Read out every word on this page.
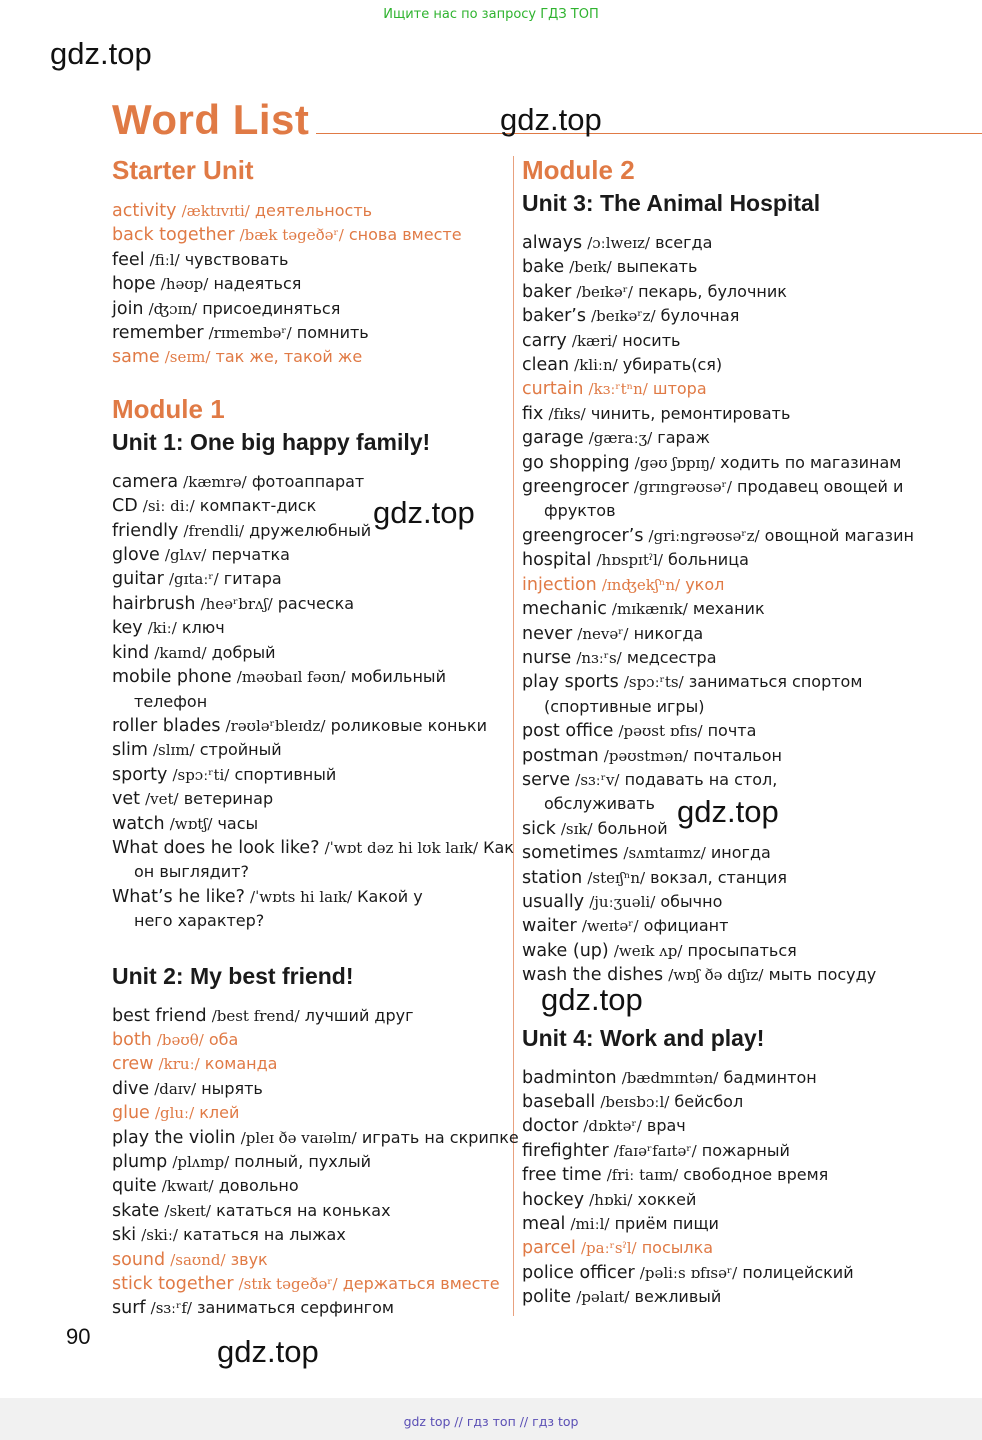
Ищите нас по запросу ГДЗ ТОП
Word List
Starter Unit
activity /æktɪvɪti/ деятельность
back together /bæk təgeðəʳ/ снова вместе
feel /fiːl/ чувствовать
hope /həʊp/ надеяться
join /ʤɔɪn/ присоединяться
remember /rɪmembəʳ/ помнить
same /seɪm/ так же, такой же
Module 1
Unit 1: One big happy family!
camera /kæmrə/ фотоаппарат
CD /siː diː/ компакт-диск
friendly /frendli/ дружелюбный
glove /glʌv/ перчатка
guitar /gɪtaːʳ/ гитара
hairbrush /heəʳbrʌʃ/ расческа
key /kiː/ ключ
kind /kaɪnd/ добрый
mobile phone /məʊbaɪl fəʊn/ мобильный
телефон
roller blades /rəʊləʳbleɪdz/ роликовые коньки
slim /slɪm/ стройный
sporty /spɔːʳti/ спортивный
vet /vet/ ветеринар
watch /wɒtʃ/ часы
What does he look like? /ˈwɒt dəz hi lʊk laɪk/ Как
он выглядит?
What’s he like? /ˈwɒts hi laɪk/ Какой у
него характер?
Unit 2: My best friend!
best friend /best frend/ лучший друг
both /bəʊθ/ оба
crew /kruː/ команда
dive /daɪv/ нырять
glue /gluː/ клей
play the violin /pleɪ ðə vaɪəlɪn/ играть на скрипке
plump /plʌmp/ полный, пухлый
quite /kwaɪt/ довольно
skate /skeɪt/ кататься на коньках
ski /skiː/ кататься на лыжах
sound /saʊnd/ звук
stick together /stɪk təgeðəʳ/ держаться вместе
surf /sɜːʳf/ заниматься серфингом
Module 2
Unit 3: The Animal Hospital
always /ɔːlweɪz/ всегда
bake /beɪk/ выпекать
baker /beɪkəʳ/ пекарь, булочник
baker’s /beɪkəʳz/ булочная
carry /kæri/ носить
clean /kliːn/ убирать(ся)
curtain /kɜːʳtⁿn/ штора
fix /fɪks/ чинить, ремонтировать
garage /gæraːʒ/ гараж
go shopping /gəʊ ʃɒpɪŋ/ ходить по магазинам
greengrocer /grɪngrəʊsəʳ/ продавец овощей и
фруктов
greengrocer’s /griːngrəʊsəʳz/ овощной магазин
hospital /hɒspɪtˀl/ больница
injection /ɪnʤekʃⁿn/ укол
mechanic /mɪkænɪk/ механик
never /nevəʳ/ никогда
nurse /nɜːʳs/ медсестра
play sports /spɔːʳts/ заниматься спортом
(спортивные игры)
post office /pəʊst ɒfɪs/ почта
postman /pəʊstmən/ почтальон
serve /sɜːʳv/ подавать на стол,
обслуживать
sick /sɪk/ больной
sometimes /sʌmtaɪmz/ иногда
station /steɪʃⁿn/ вокзал, станция
usually /juːʒuəli/ обычно
waiter /weɪtəʳ/ официант
wake (up) /weɪk ʌp/ просыпаться
wash the dishes /wɒʃ ðə dɪʃɪz/ мыть посуду
Unit 4: Work and play!
badminton /bædmɪntən/ бадминтон
baseball /beɪsbɔːl/ бейсбол
doctor /dɒktəʳ/ врач
firefighter /faɪəʳfaɪtəʳ/ пожарный
free time /friː taɪm/ свободное время
hockey /hɒki/ хоккей
meal /miːl/ приём пищи
parcel /paːʳsˀl/ посылка
police officer /pəliːs ɒfɪsəʳ/ полицейский
polite /pəlaɪt/ вежливый
90
gdz.top
gdz.top
gdz.top
gdz.top
gdz.top
gdz.top
gdz top // гдз топ // гдз top
